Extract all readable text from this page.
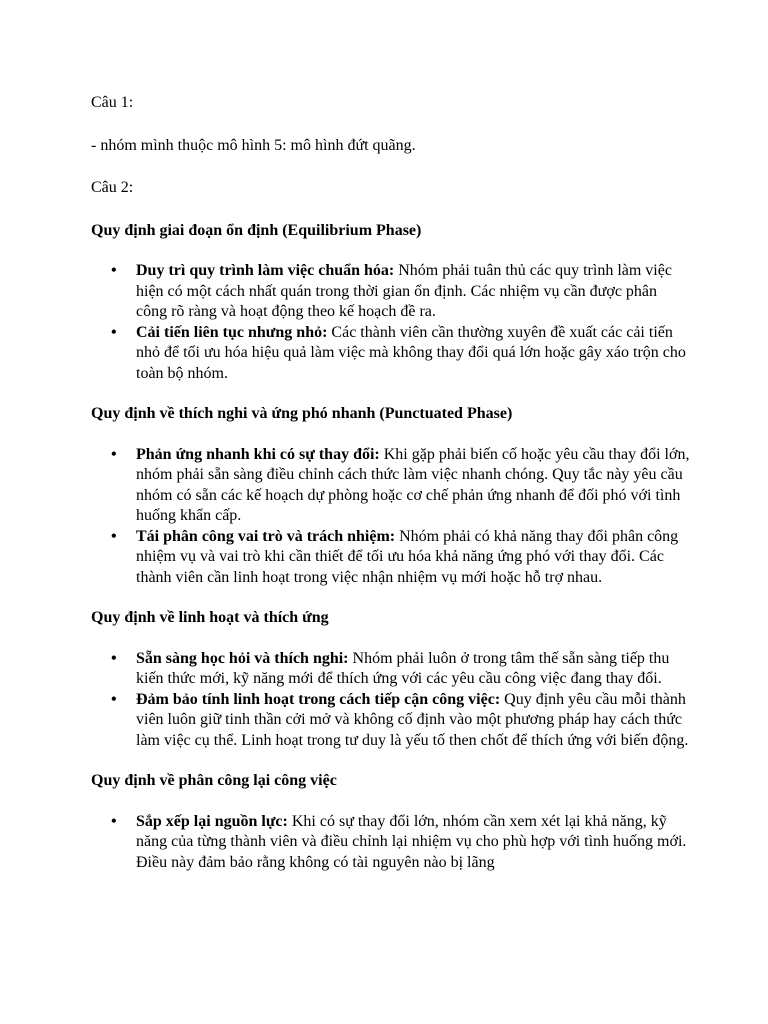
Câu 1:

- nhóm mình thuộc mô hình 5: mô hình đứt quãng.

Câu 2:

Quy định giai đoạn ổn định (Equilibrium Phase)

• Duy trì quy trình làm việc chuẩn hóa: Nhóm phải tuân thủ các quy trình làm việc hiện có một cách nhất quán trong thời gian ổn định. Các nhiệm vụ cần được phân công rõ ràng và hoạt động theo kế hoạch đề ra.
• Cải tiến liên tục nhưng nhỏ: Các thành viên cần thường xuyên đề xuất các cải tiến nhỏ để tối ưu hóa hiệu quả làm việc mà không thay đổi quá lớn hoặc gây xáo trộn cho toàn bộ nhóm.

Quy định về thích nghi và ứng phó nhanh (Punctuated Phase)

• Phản ứng nhanh khi có sự thay đổi: Khi gặp phải biến cố hoặc yêu cầu thay đổi lớn, nhóm phải sẵn sàng điều chỉnh cách thức làm việc nhanh chóng. Quy tắc này yêu cầu nhóm có sẵn các kế hoạch dự phòng hoặc cơ chế phản ứng nhanh để đối phó với tình huống khẩn cấp.
• Tái phân công vai trò và trách nhiệm: Nhóm phải có khả năng thay đổi phân công nhiệm vụ và vai trò khi cần thiết để tối ưu hóa khả năng ứng phó với thay đổi. Các thành viên cần linh hoạt trong việc nhận nhiệm vụ mới hoặc hỗ trợ nhau.

Quy định về linh hoạt và thích ứng

• Sẵn sàng học hỏi và thích nghi: Nhóm phải luôn ở trong tâm thế sẵn sàng tiếp thu kiến thức mới, kỹ năng mới để thích ứng với các yêu cầu công việc đang thay đổi.
• Đảm bảo tính linh hoạt trong cách tiếp cận công việc: Quy định yêu cầu mỗi thành viên luôn giữ tinh thần cởi mở và không cố định vào một phương pháp hay cách thức làm việc cụ thể. Linh hoạt trong tư duy là yếu tố then chốt để thích ứng với biến động.

Quy định về phân công lại công việc

• Sắp xếp lại nguồn lực: Khi có sự thay đổi lớn, nhóm cần xem xét lại khả năng, kỹ năng của từng thành viên và điều chỉnh lại nhiệm vụ cho phù hợp với tình huống mới. Điều này đảm bảo rằng không có tài nguyên nào bị lãng
